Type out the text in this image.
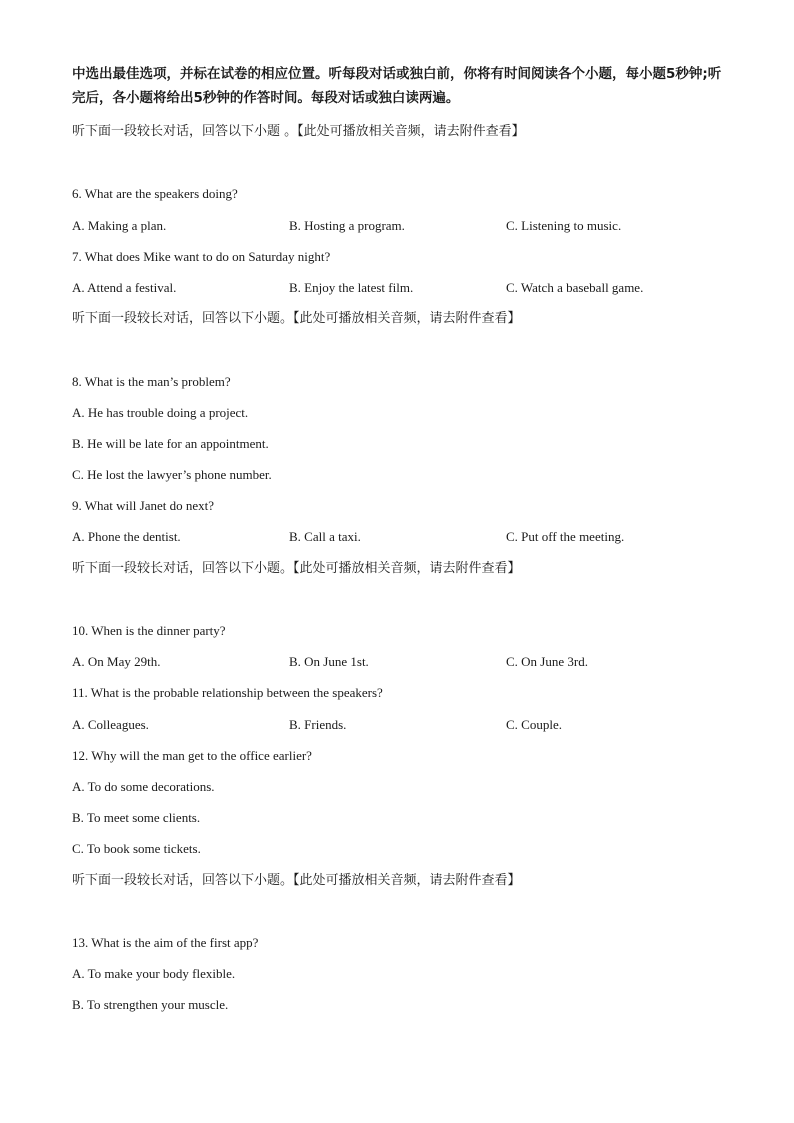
中选出最佳选项，并标在试卷的相应位置。听每段对话或独白前，你将有时间阅读各个小题，每小题5秒钟;听完后，各小题将给出5秒钟的作答时间。每段对话或独白读两遍。

听下面一段较长对话，回答以下小题 。【此处可播放相关音频，请去附件查看】
6. What are the speakers doing?
A. Making a plan.	B. Hosting a program.	C. Listening to music.
7. What does Mike want to do on Saturday night?
A. Attend a festival.	B. Enjoy the latest film.	C. Watch a baseball game.
听下面一段较长对话，回答以下小题。【此处可播放相关音频，请去附件查看】
8. What is the man’s problem?
A. He has trouble doing a project.
B. He will be late for an appointment.
C. He lost the lawyer’s phone number.
9. What will Janet do next?
A. Phone the dentist.	B. Call a taxi.	C. Put off the meeting.
听下面一段较长对话，回答以下小题。【此处可播放相关音频，请去附件查看】
10. When is the dinner party?
A. On May 29th.	B. On June 1st.	C. On June 3rd.
11. What is the probable relationship between the speakers?
A. Colleagues.	B. Friends.	C. Couple.
12. Why will the man get to the office earlier?
A. To do some decorations.
B. To meet some clients.
C. To book some tickets.
听下面一段较长对话，回答以下小题。【此处可播放相关音频，请去附件查看】
13. What is the aim of the first app?
A. To make your body flexible.
B. To strengthen your muscle.
